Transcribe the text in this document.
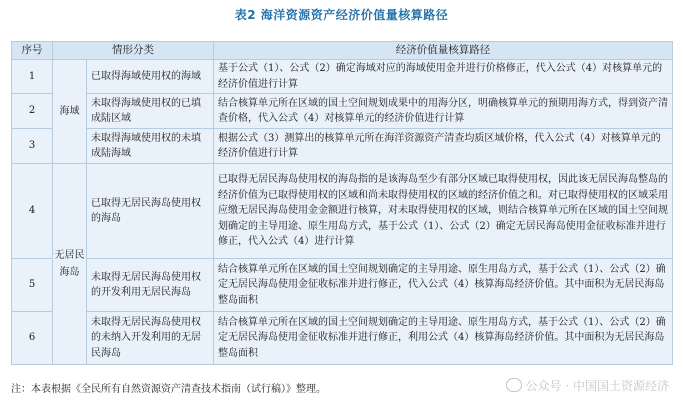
表2 海洋资源资产经济价值量核算路径
序号	情形分类		经济价值量核算路径
1	海域	已取得海域使用权的海域	基于公式（1）、公式（2）确定海域对应的海域使用金并进行价格修正，代入公式（4）对核算单元的经济价值进行计算
2		未取得海域使用权的已填成陆区域	结合核算单元所在区域的国土空间规划成果中的用海分区，明确核算单元的预期用海方式，得到资产清查价格，代入公式（4）对核算单元的经济价值进行计算
3		未取得海域使用权的未填成陆海域	根据公式（3）测算出的核算单元所在海洋资源资产清查均质区域价格，代入公式（4）对核算单元的经济价值进行计算
4	无居民海岛	已取得无居民海岛使用权的海岛	已取得无居民海岛使用权的海岛指的是该海岛至少有部分区域已取得使用权，因此该无居民海岛整岛的经济价值为已取得使用权的区域和尚未取得使用权的区域的经济价值之和。对已取得使用权的区域采用应缴无居民海岛使用金金额进行核算，对未取得使用权的区域，则结合核算单元所在区域的国土空间规划确定的主导用途、原生用岛方式，基于公式（1）、公式（2）确定无居民海岛使用金征收标准并进行修正，代入公式（4）进行计算
5		未取得无居民海岛使用权的开发利用无居民海岛	结合核算单元所在区域的国土空间规划确定的主导用途、原生用岛方式，基于公式（1）、公式（2）确定无居民海岛使用金征收标准并进行修正，代入公式（4）核算海岛经济价值。其中面积为无居民海岛整岛面积
6		未取得无居民海岛使用权的未纳入开发利用的无居民海岛	结合核算单元所在区域的国土空间规划确定的主导用途、原生用岛方式，基于公式（1）、公式（2）确定无居民海岛使用金征收标准并进行修正，利用公式（4）核算海岛经济价值。其中面积为无居民海岛整岛面积
注：本表根据《全民所有自然资源资产清查技术指南（试行稿）》整理。	公众号 · 中国国土资源经济
